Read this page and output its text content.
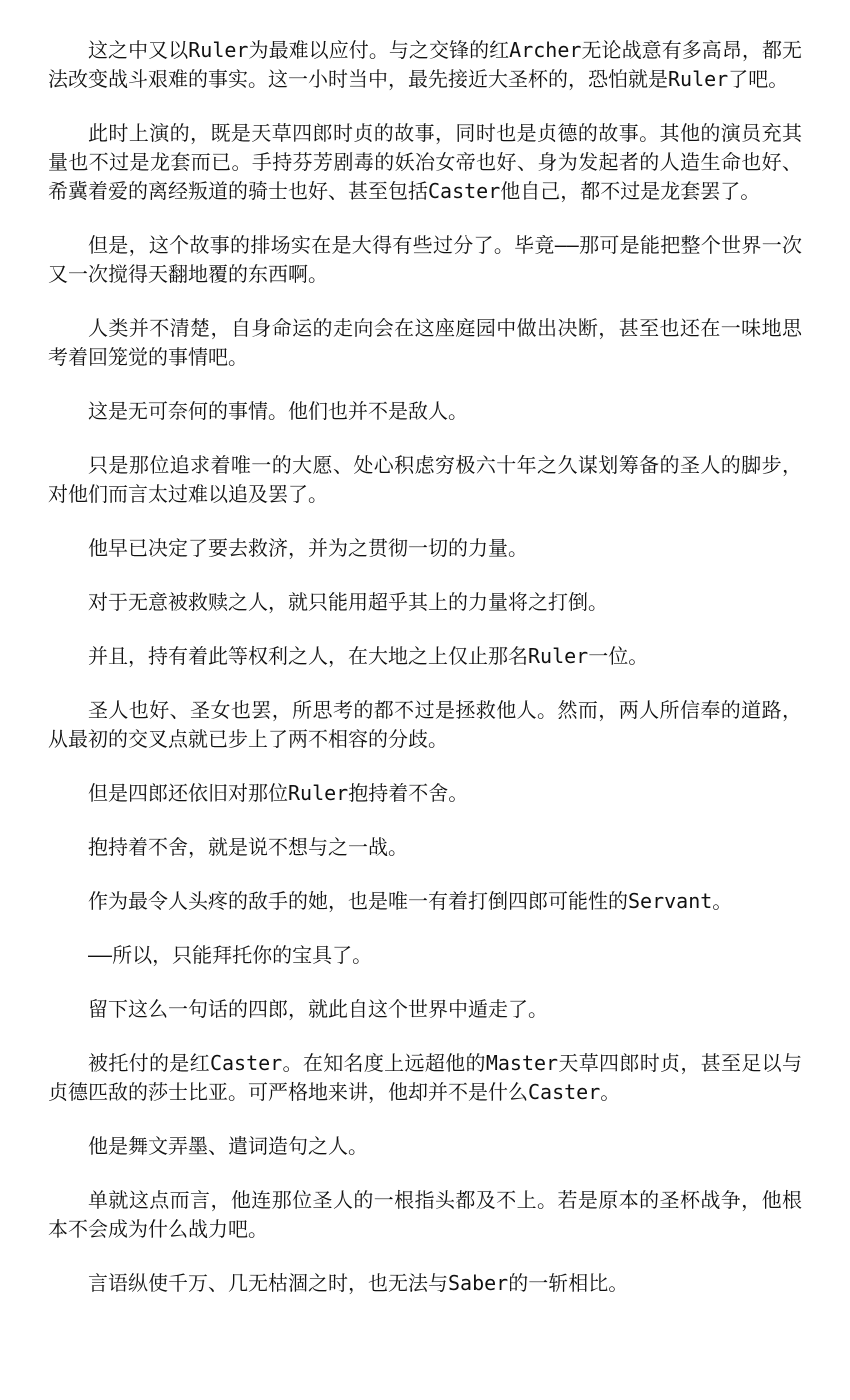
这之中又以Ruler为最难以应付。与之交锋的红Archer无论战意有多高昂，都无法改变战斗艰难的事实。这一小时当中，最先接近大圣杯的，恐怕就是Ruler了吧。

此时上演的，既是天草四郎时贞的故事，同时也是贞德的故事。其他的演员充其量也不过是龙套而已。手持芬芳剧毒的妖冶女帝也好、身为发起者的人造生命也好、希冀着爱的离经叛道的骑士也好、甚至包括Caster他自己，都不过是龙套罢了。

但是，这个故事的排场实在是大得有些过分了。毕竟——那可是能把整个世界一次又一次搅得天翻地覆的东西啊。

人类并不清楚，自身命运的走向会在这座庭园中做出决断，甚至也还在一味地思考着回笼觉的事情吧。

这是无可奈何的事情。他们也并不是敌人。

只是那位追求着唯一的大愿、处心积虑穷极六十年之久谋划筹备的圣人的脚步，对他们而言太过难以追及罢了。

他早已决定了要去救济，并为之贯彻一切的力量。

对于无意被救赎之人，就只能用超乎其上的力量将之打倒。

并且，持有着此等权利之人，在大地之上仅止那名Ruler一位。

圣人也好、圣女也罢，所思考的都不过是拯救他人。然而，两人所信奉的道路，从最初的交叉点就已步上了两不相容的分歧。

但是四郎还依旧对那位Ruler抱持着不舍。

抱持着不舍，就是说不想与之一战。

作为最令人头疼的敌手的她，也是唯一有着打倒四郎可能性的Servant。

——所以，只能拜托你的宝具了。

留下这么一句话的四郎，就此自这个世界中遁走了。

被托付的是红Caster。在知名度上远超他的Master天草四郎时贞，甚至足以与贞德匹敌的莎士比亚。可严格地来讲，他却并不是什么Caster。

他是舞文弄墨、遣词造句之人。

单就这点而言，他连那位圣人的一根指头都及不上。若是原本的圣杯战争，他根本不会成为什么战力吧。

言语纵使千万、几无枯涸之时，也无法与Saber的一斩相比。
